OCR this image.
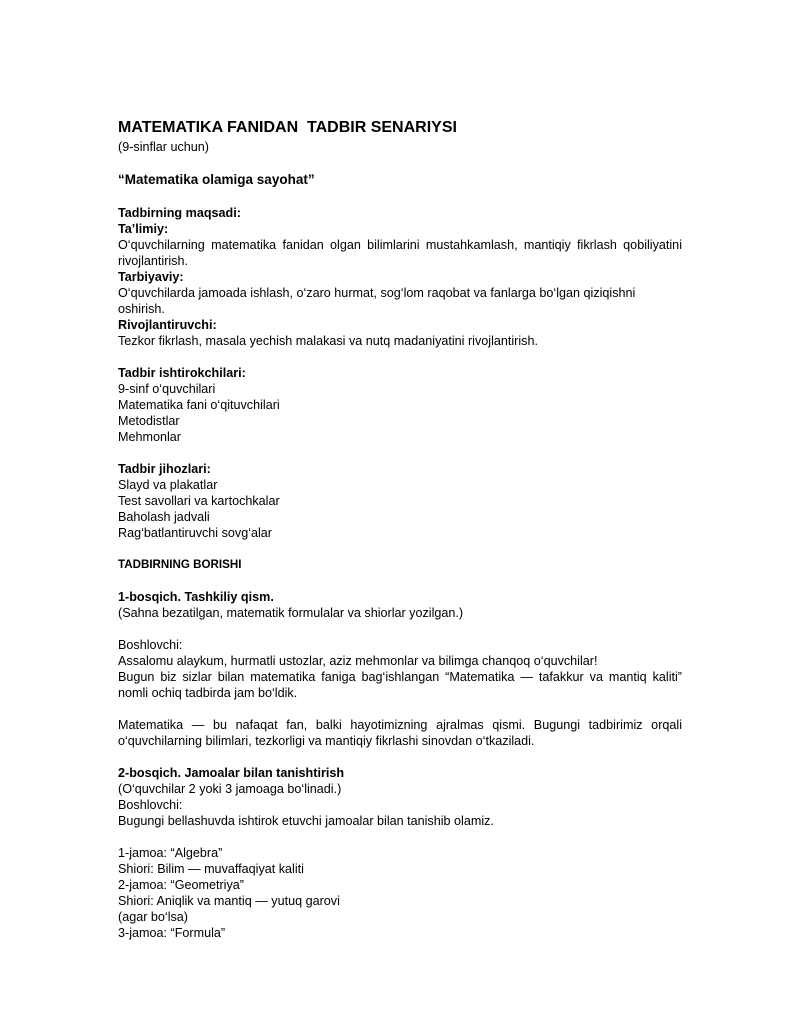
MATEMATIKA FANIDAN  TADBIR SENARIYSI

(9-sinflar uchun)

“Matematika olamiga sayohat”

Tadbirning maqsadi:

Ta’limiy:

O‘quvchilarning matematika fanidan olgan bilimlarini mustahkamlash, mantiqiy fikrlash qobiliyatini rivojlantirish.

Tarbiyaviy:

O‘quvchilarda jamoada ishlash, o‘zaro hurmat, sog‘lom raqobat va fanlarga bo‘lgan qiziqishni oshirish.

Rivojlantiruvchi:

Tezkor fikrlash, masala yechish malakasi va nutq madaniyatini rivojlantirish.

Tadbir ishtirokchilari:

9-sinf o‘quvchilari

Matematika fani o‘qituvchilari

Metodistlar

Mehmonlar

Tadbir jihozlari:

Slayd va plakatlar

Test savollari va kartochkalar

Baholash jadvali

Rag‘batlantiruvchi sovg‘alar

TADBIRNING BORISHI

1-bosqich. Tashkiliy qism.

(Sahna bezatilgan, matematik formulalar va shiorlar yozilgan.)

Boshlovchi:

Assalomu alaykum, hurmatli ustozlar, aziz mehmonlar va bilimga chanqoq o‘quvchilar!

Bugun biz sizlar bilan matematika faniga bag‘ishlangan “Matematika — tafakkur va mantiq kaliti” nomli ochiq tadbirda jam bo‘ldik.

Matematika — bu nafaqat fan, balki hayotimizning ajralmas qismi. Bugungi tadbirimiz orqali o‘quvchilarning bilimlari, tezkorligi va mantiqiy fikrlashi sinovdan o‘tkaziladi.

2-bosqich. Jamoalar bilan tanishtirish

(O‘quvchilar 2 yoki 3 jamoaga bo‘linadi.)

Boshlovchi:

Bugungi bellashuvda ishtirok etuvchi jamoalar bilan tanishib olamiz.

1-jamoa: “Algebra”

Shiori: Bilim — muvaffaqiyat kaliti

2-jamoa: “Geometriya”

Shiori: Aniqlik va mantiq — yutuq garovi

(agar bo‘lsa)

3-jamoa: “Formula”
